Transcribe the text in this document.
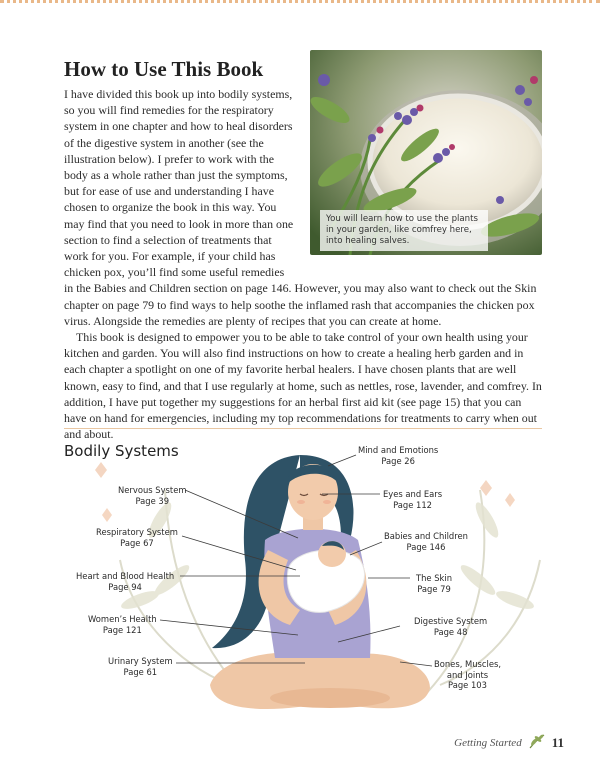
How to Use This Book
You will learn how to use the plants in your garden, like comfrey here, into healing salves.

I have divided this book up into bodily systems, so you will find remedies for the respiratory system in one chapter and how to heal disorders of the digestive system in another (see the illustration below). I prefer to work with the body as a whole rather than just the symptoms, but for ease of use and understanding I have chosen to organize the book in this way. You may find that you need to look in more than one section to find a selection of treatments that work for you. For example, if your child has chicken pox, you’ll find some useful remedies in the Babies and Children section on page 146. However, you may also want to check out the Skin chapter on page 79 to find ways to help soothe the inflamed rash that accompanies the chicken pox virus. Alongside the remedies are plenty of recipes that you can create at home.

This book is designed to empower you to be able to take control of your own health using your kitchen and garden. You will also find instructions on how to create a healing herb garden and in each chapter a spotlight on one of my favorite herbal healers. I have chosen plants that are well known, easy to find, and that I use regularly at home, such as nettles, rose, lavender, and comfrey. In addition, I have put together my suggestions for an herbal first aid kit (see page 15) that you can have on hand for emergencies, including my top recommendations for treatments to carry when out and about.

Bodily Systems	Mind and Emotions
Page 26
Nervous System
Page 39
Eyes and Ears
Page 112
Respiratory System
Page 67
Babies and Children
Page 146
Heart and Blood Health
Page 94
The Skin
Page 79
Women’s Health
Page 121
Digestive System
Page 48
Urinary System
Page 61
Bones, Muscles,
and Joints
Page 103
Getting Started 11
